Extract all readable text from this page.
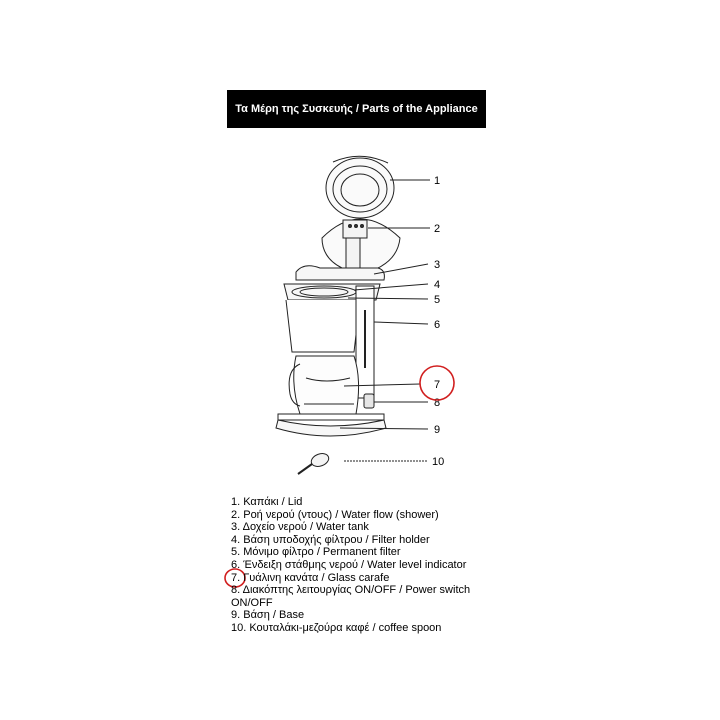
Τα Μέρη της Συσκευής / Parts of the Appliance
1
2
3
4
5
6
7
8
9
10
1. Καπάκι / Lid
2. Ροή νερού (ντους) / Water flow (shower)
3. Δοχείο νερού / Water tank
4. Βάση υποδοχής φίλτρου / Filter holder
5. Μόνιμο φίλτρο / Permanent filter
6. Ένδειξη στάθμης νερού / Water level indicator
7. Γυάλινη κανάτα / Glass carafe
8. Διακόπτης λειτουργίας ON/OFF / Power switch
ON/OFF
9. Βάση / Base
10. Κουταλάκι-μεζούρα καφέ / coffee spoon
